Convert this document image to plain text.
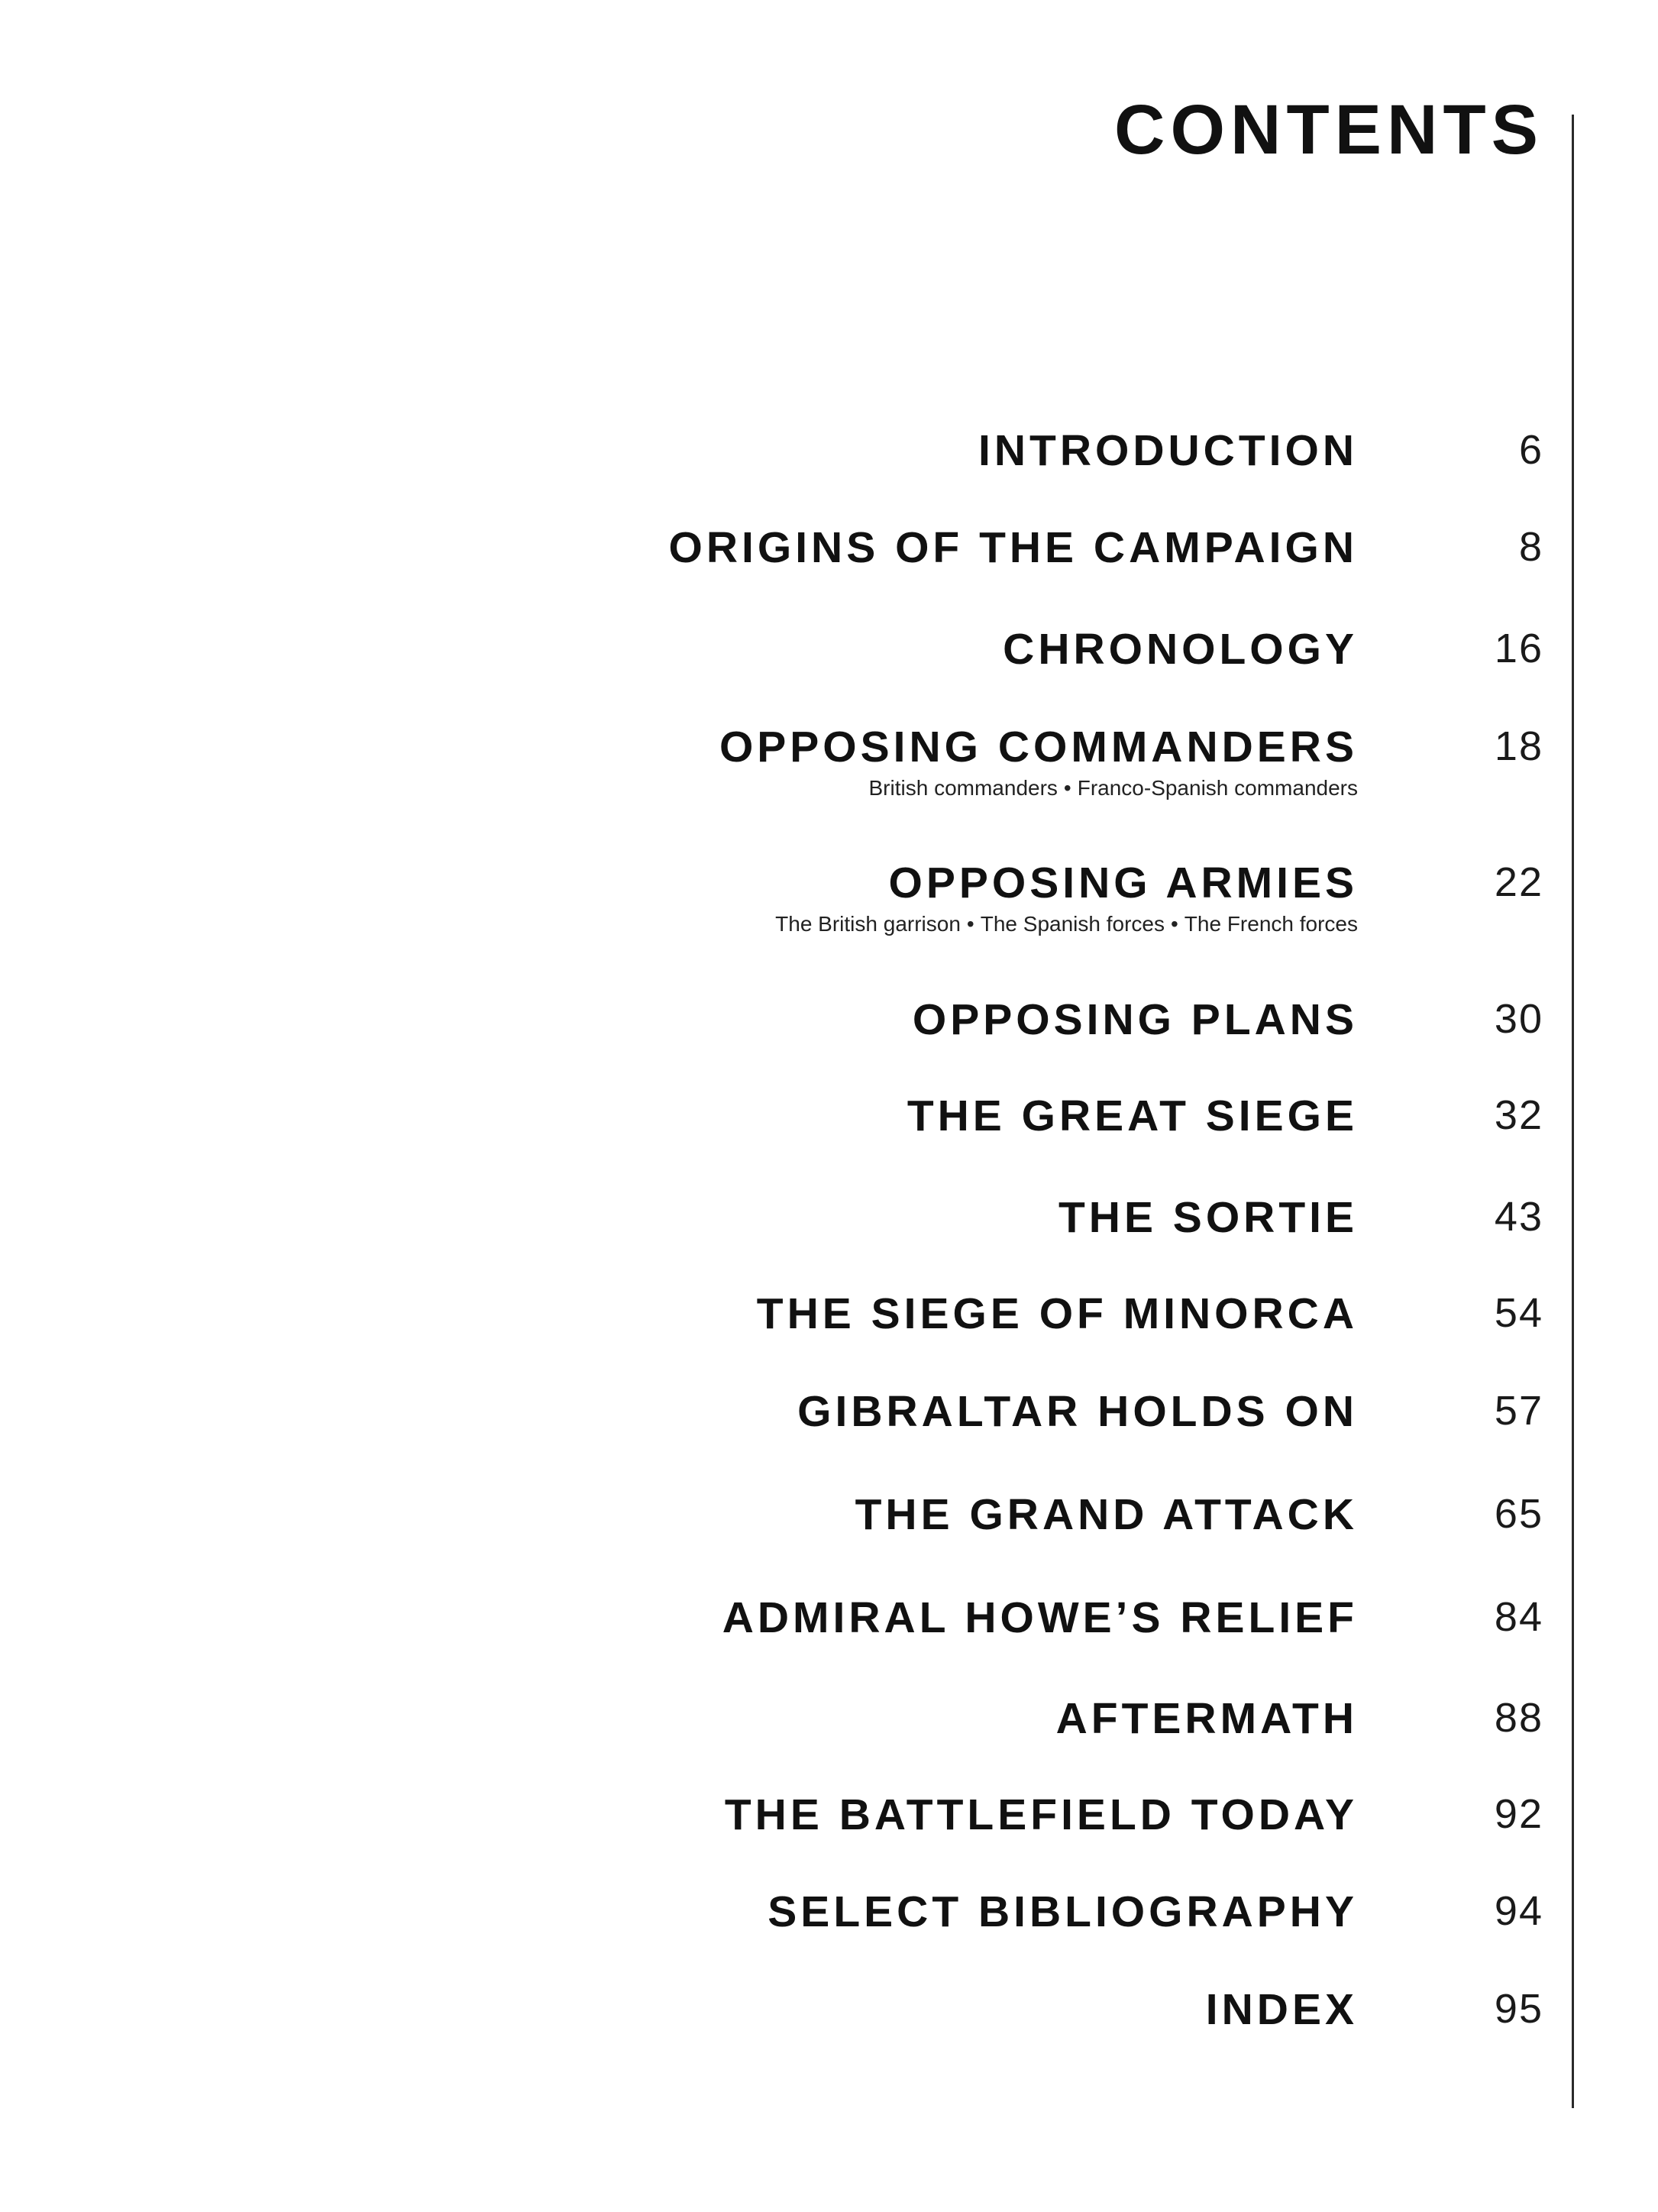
CONTENTS
INTRODUCTION	6
ORIGINS OF THE CAMPAIGN	8
CHRONOLOGY	16
OPPOSING COMMANDERS	18
British commanders • Franco-Spanish commanders
OPPOSING ARMIES	22
The British garrison • The Spanish forces • The French forces
OPPOSING PLANS	30
THE GREAT SIEGE	32
THE SORTIE	43
THE SIEGE OF MINORCA	54
GIBRALTAR HOLDS ON	57
THE GRAND ATTACK	65
ADMIRAL HOWE’S RELIEF	84
AFTERMATH	88
THE BATTLEFIELD TODAY	92
SELECT BIBLIOGRAPHY	94
INDEX	95
